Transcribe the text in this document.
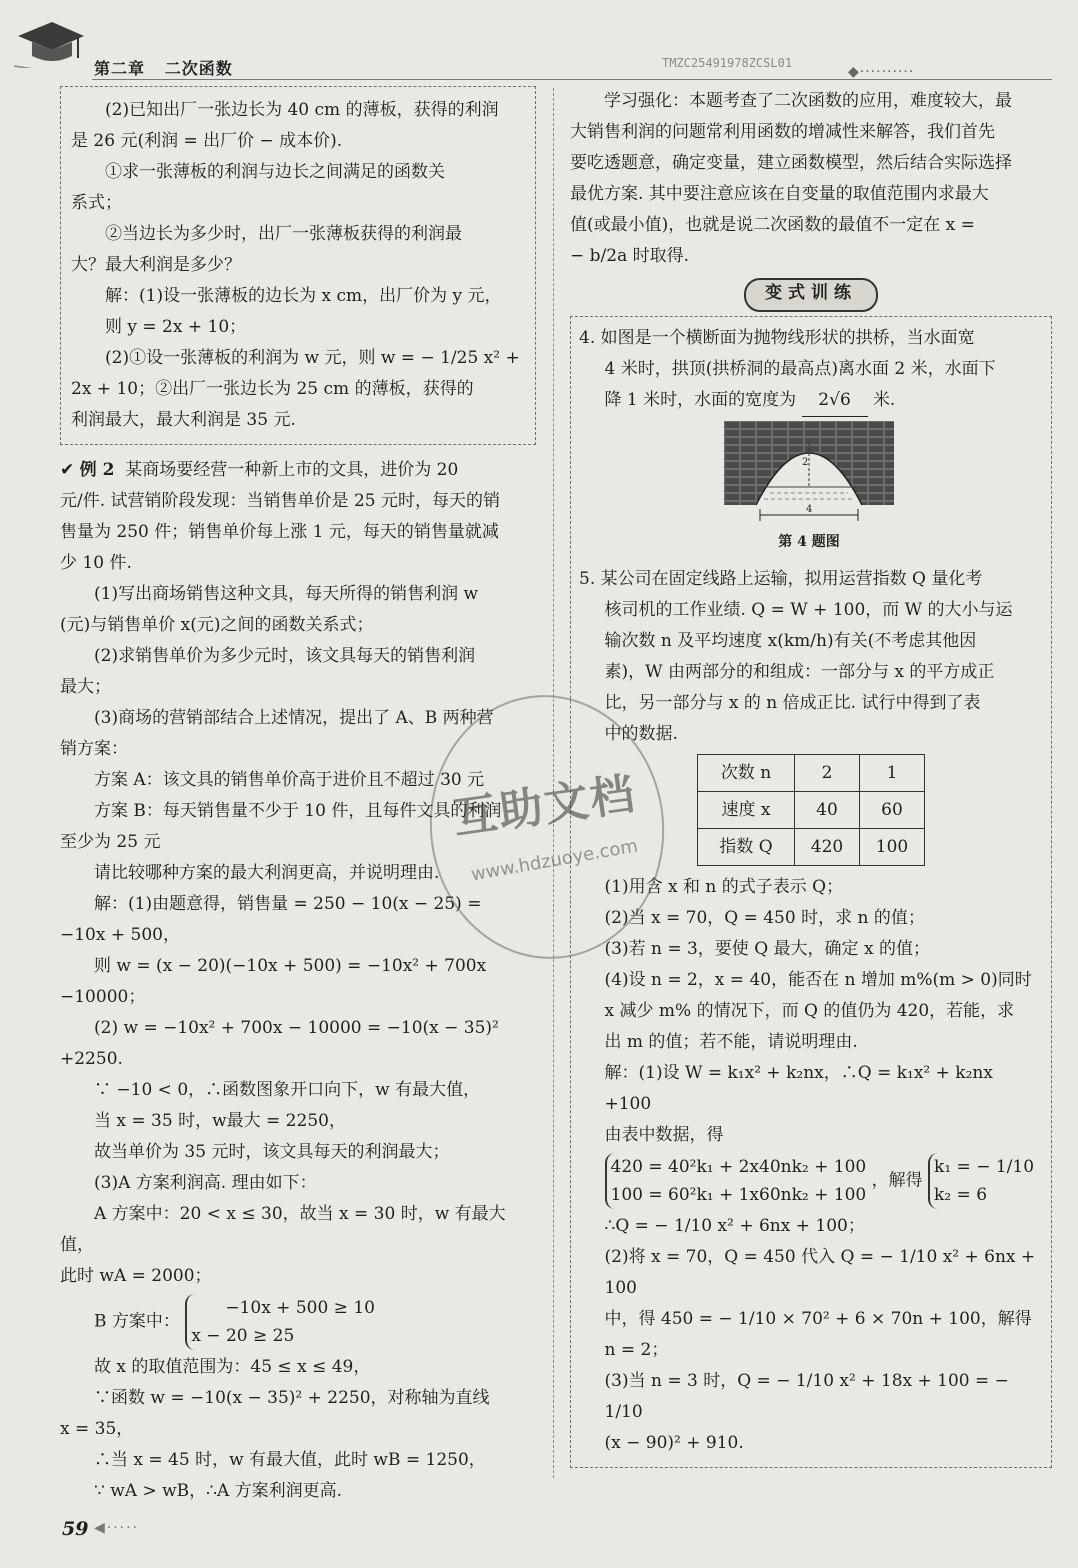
第二章   二次函数	TMZC25491978ZCSL01
◆··········

(2)已知出厂一张边长为 40 cm 的薄板，获得的利润

是 26 元(利润 = 出厂价 − 成本价).

①求一张薄板的利润与边长之间满足的函数关

系式；

②当边长为多少时，出厂一张薄板获得的利润最

大？最大利润是多少？

解：(1)设一张薄板的边长为 x cm，出厂价为 y 元，

则 y = 2x + 10；

(2)①设一张薄板的利润为 w 元，则 w = − 1/25 x² +

2x + 10；②出厂一张边长为 25 cm 的薄板，获得的

利润最大，最大利润是 35 元.

✔ 例 2 某商场要经营一种新上市的文具，进价为 20

元/件. 试营销阶段发现：当销售单价是 25 元时，每天的销

售量为 250 件；销售单价每上涨 1 元，每天的销售量就减

少 10 件.

(1)写出商场销售这种文具，每天所得的销售利润 w

(元)与销售单价 x(元)之间的函数关系式；

(2)求销售单价为多少元时，该文具每天的销售利润

最大；

(3)商场的营销部结合上述情况，提出了 A、B 两种营

销方案：

方案 A：该文具的销售单价高于进价且不超过 30 元

方案 B：每天销售量不少于 10 件，且每件文具的利润

至少为 25 元

请比较哪种方案的最大利润更高，并说明理由.

解：(1)由题意得，销售量 = 250 − 10(x − 25) =

−10x + 500，

则 w = (x − 20)(−10x + 500) = −10x² + 700x

−10000；

(2) w = −10x² + 700x − 10000 = −10(x − 35)²

+2250.

∵ −10 < 0，∴函数图象开口向下，w 有最大值，

当 x = 35 时，w最大 = 2250，

故当单价为 35 元时，该文具每天的利润最大；

(3)A 方案利润高. 理由如下：

A 方案中：20 < x ≤ 30，故当 x = 30 时，w 有最大值，

此时 wA = 2000；

B 方案中： −10x + 500 ≥ 10
x − 20 ≥ 25

故 x 的取值范围为：45 ≤ x ≤ 49，

∵函数 w = −10(x − 35)² + 2250，对称轴为直线

x = 35，

∴当 x = 45 时，w 有最大值，此时 wB = 1250，

∵ wA > wB，∴A 方案利润更高.

学习强化：本题考查了二次函数的应用，难度较大，最

大销售利润的问题常利用函数的增减性来解答，我们首先

要吃透题意，确定变量，建立函数模型，然后结合实际选择

最优方案. 其中要注意应该在自变量的取值范围内求最大

值(或最小值)，也就是说二次函数的最值不一定在 x =

− b/2a 时取得.

变式训练

4. 如图是一个横断面为抛物线形状的拱桥，当水面宽

4 米时，拱顶(拱桥洞的最高点)离水面 2 米，水面下

降 1 米时，水面的宽度为 2√6 米.

2
4
第 4 题图

5. 某公司在固定线路上运输，拟用运营指数 Q 量化考

核司机的工作业绩. Q = W + 100，而 W 的大小与运

输次数 n 及平均速度 x(km/h)有关(不考虑其他因

素)，W 由两部分的和组成：一部分与 x 的平方成正

比，另一部分与 x 的 n 倍成正比. 试行中得到了表

中的数据.

次数 n	2	1
速度 x	40	60
指数 Q	420	100

(1)用含 x 和 n 的式子表示 Q；

(2)当 x = 70，Q = 450 时，求 n 的值；

(3)若 n = 3，要使 Q 最大，确定 x 的值；

(4)设 n = 2，x = 40，能否在 n 增加 m%(m > 0)同时

x 减少 m% 的情况下，而 Q 的值仍为 420，若能，求

出 m 的值；若不能，请说明理由.

解：(1)设 W = k₁x² + k₂nx，∴Q = k₁x² + k₂nx

+100

由表中数据，得

420 = 40²k₁ + 2x40nk₂ + 100
100 = 60²k₁ + 1x60nk₂ + 100 ，解得 k₁ = − 1/10
k₂ = 6

∴Q = − 1/10 x² + 6nx + 100；

(2)将 x = 70，Q = 450 代入 Q = − 1/10 x² + 6nx + 100

中，得 450 = − 1/10 × 70² + 6 × 70n + 100，解得 n = 2；

(3)当 n = 3 时，Q = − 1/10 x² + 18x + 100 = − 1/10

(x − 90)² + 910.

互助文档
www.hdzuoye.com
59 ◀·····
